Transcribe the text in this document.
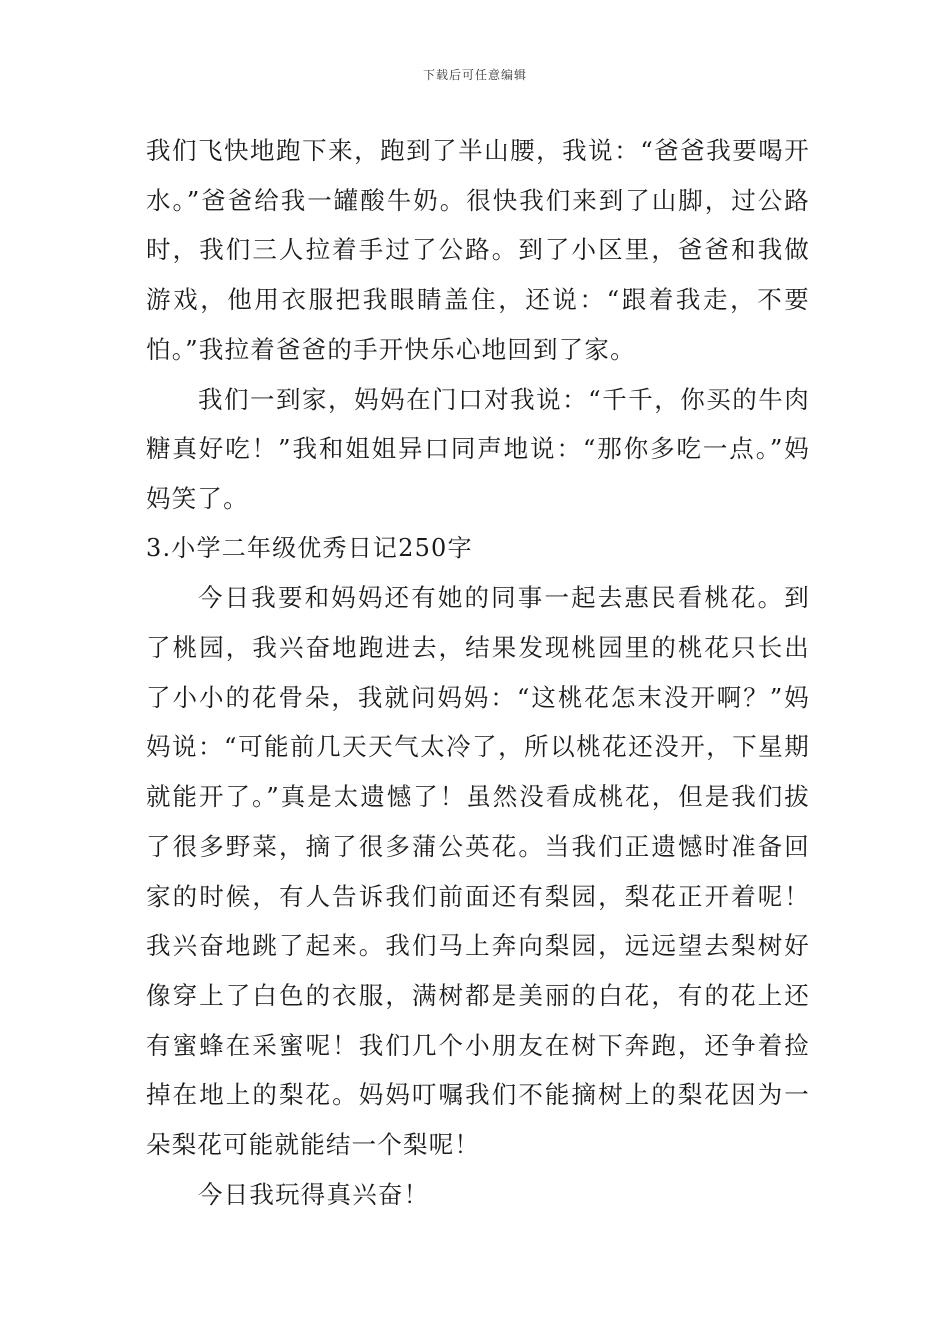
下载后可任意编辑

我们飞快地跑下来，跑到了半山腰，我说：“爸爸我要喝开水。”爸爸给我一罐酸牛奶。很快我们来到了山脚，过公路时，我们三人拉着手过了公路。到了小区里，爸爸和我做游戏，他用衣服把我眼睛盖住，还说：“跟着我走，不要怕。”我拉着爸爸的手开快乐心地回到了家。

我们一到家，妈妈在门口对我说：“千千，你买的牛肉糖真好吃！”我和姐姐异口同声地说：“那你多吃一点。”妈妈笑了。

3.小学二年级优秀日记250字

今日我要和妈妈还有她的同事一起去惠民看桃花。到了桃园，我兴奋地跑进去，结果发现桃园里的桃花只长出了小小的花骨朵，我就问妈妈：“这桃花怎末没开啊？”妈妈说：“可能前几天天气太冷了，所以桃花还没开，下星期就能开了。”真是太遗憾了！虽然没看成桃花，但是我们拔了很多野菜，摘了很多蒲公英花。当我们正遗憾时准备回家的时候，有人告诉我们前面还有梨园，梨花正开着呢！我兴奋地跳了起来。我们马上奔向梨园，远远望去梨树好像穿上了白色的衣服，满树都是美丽的白花，有的花上还有蜜蜂在采蜜呢！我们几个小朋友在树下奔跑，还争着捡掉在地上的梨花。妈妈叮嘱我们不能摘树上的梨花因为一朵梨花可能就能结一个梨呢！

今日我玩得真兴奋！
